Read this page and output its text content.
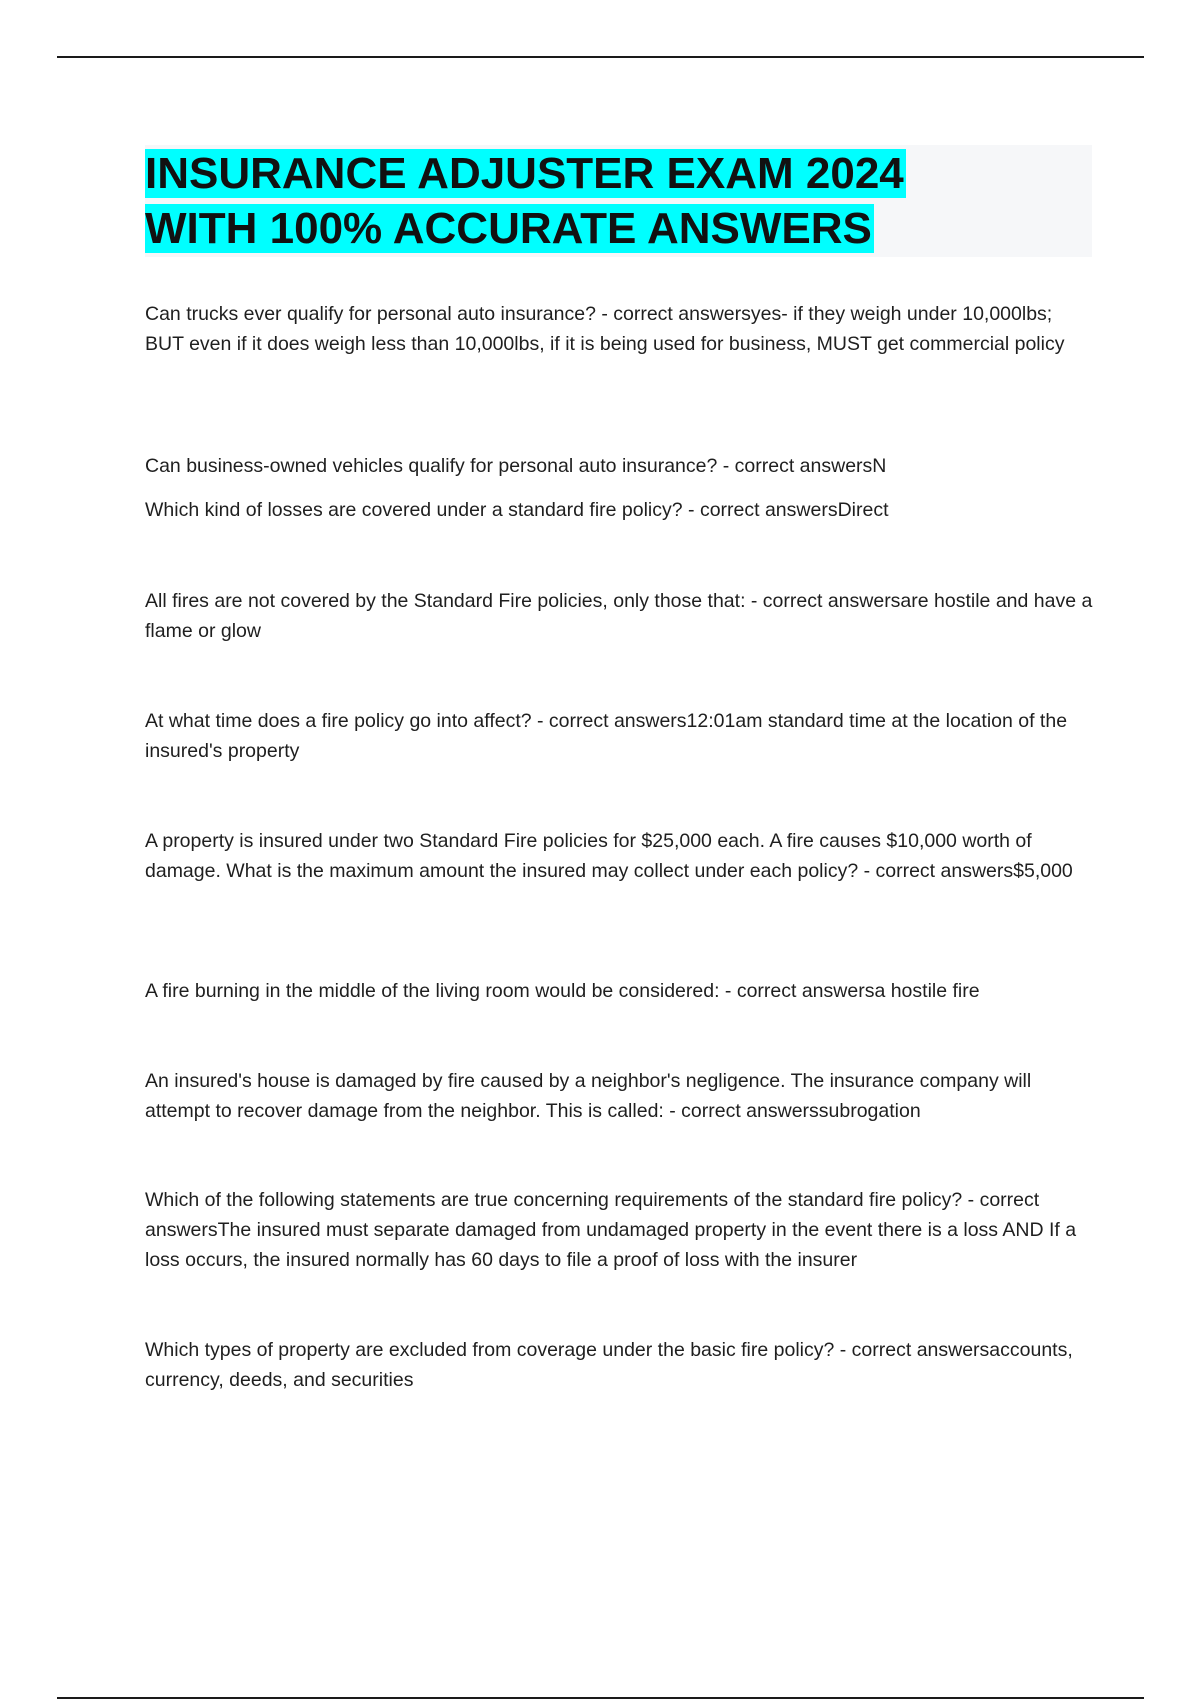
INSURANCE ADJUSTER EXAM 2024
WITH 100% ACCURATE ANSWERS

Can trucks ever qualify for personal auto insurance? - correct answersyes- if they weigh under 10,000lbs; BUT even if it does weigh less than 10,000lbs, if it is being used for business, MUST get commercial policy

Can business-owned vehicles qualify for personal auto insurance? - correct answersN

Which kind of losses are covered under a standard fire policy? - correct answersDirect

All fires are not covered by the Standard Fire policies, only those that: - correct answersare hostile and have a flame or glow

At what time does a fire policy go into affect? - correct answers12:01am standard time at the location of the insured's property

A property is insured under two Standard Fire policies for $25,000 each. A fire causes $10,000 worth of damage. What is the maximum amount the insured may collect under each policy? - correct answers$5,000

A fire burning in the middle of the living room would be considered: - correct answersa hostile fire

An insured's house is damaged by fire caused by a neighbor's negligence. The insurance company will attempt to recover damage from the neighbor. This is called: - correct answerssubrogation

Which of the following statements are true concerning requirements of the standard fire policy? - correct answersThe insured must separate damaged from undamaged property in the event there is a loss AND If a loss occurs, the insured normally has 60 days to file a proof of loss with the insurer

Which types of property are excluded from coverage under the basic fire policy? - correct answersaccounts, currency, deeds, and securities
